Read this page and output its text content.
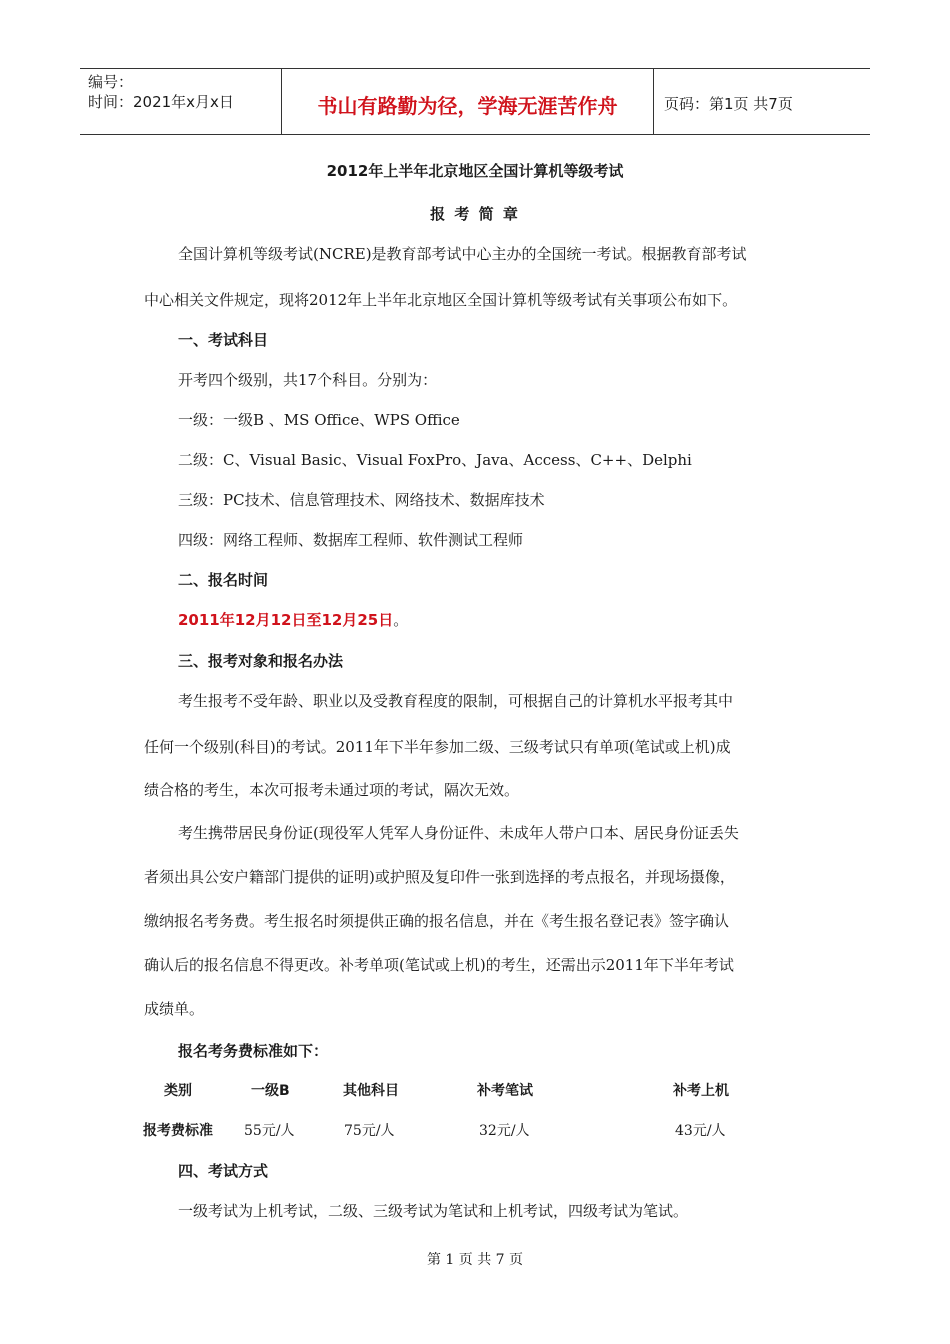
编号：
时间：2021年x月x日	书山有路勤为径，学海无涯苦作舟	页码：第1页 共7页
2012年上半年北京地区全国计算机等级考试
报 考 简 章
全国计算机等级考试(NCRE)是教育部考试中心主办的全国统一考试。根据教育部考试
中心相关文件规定，现将2012年上半年北京地区全国计算机等级考试有关事项公布如下。
一、考试科目
开考四个级别，共17个科目。分别为：
一级：一级B 、MS Office、WPS Office
二级：C、Visual Basic、Visual FoxPro、Java、Access、C++、Delphi
三级：PC技术、信息管理技术、网络技术、数据库技术
四级：网络工程师、数据库工程师、软件测试工程师
二、报名时间
2011年12月12日至12月25日。
三、报考对象和报名办法
考生报考不受年龄、职业以及受教育程度的限制，可根据自己的计算机水平报考其中
任何一个级别(科目)的考试。2011年下半年参加二级、三级考试只有单项(笔试或上机)成
绩合格的考生，本次可报考未通过项的考试，隔次无效。
考生携带居民身份证(现役军人凭军人身份证件、未成年人带户口本、居民身份证丢失
者须出具公安户籍部门提供的证明)或护照及复印件一张到选择的考点报名，并现场摄像，
缴纳报名考务费。考生报名时须提供正确的报名信息，并在《考生报名登记表》签字确认
确认后的报名信息不得更改。补考单项(笔试或上机)的考生，还需出示2011年下半年考试
成绩单。
报名考务费标准如下：
类别	一级B	其他科目	补考笔试	补考上机
报考费标准 55元/人	75元/人	32元/人	43元/人
四、考试方式
一级考试为上机考试，二级、三级考试为笔试和上机考试，四级考试为笔试。
第 1 页 共 7 页
